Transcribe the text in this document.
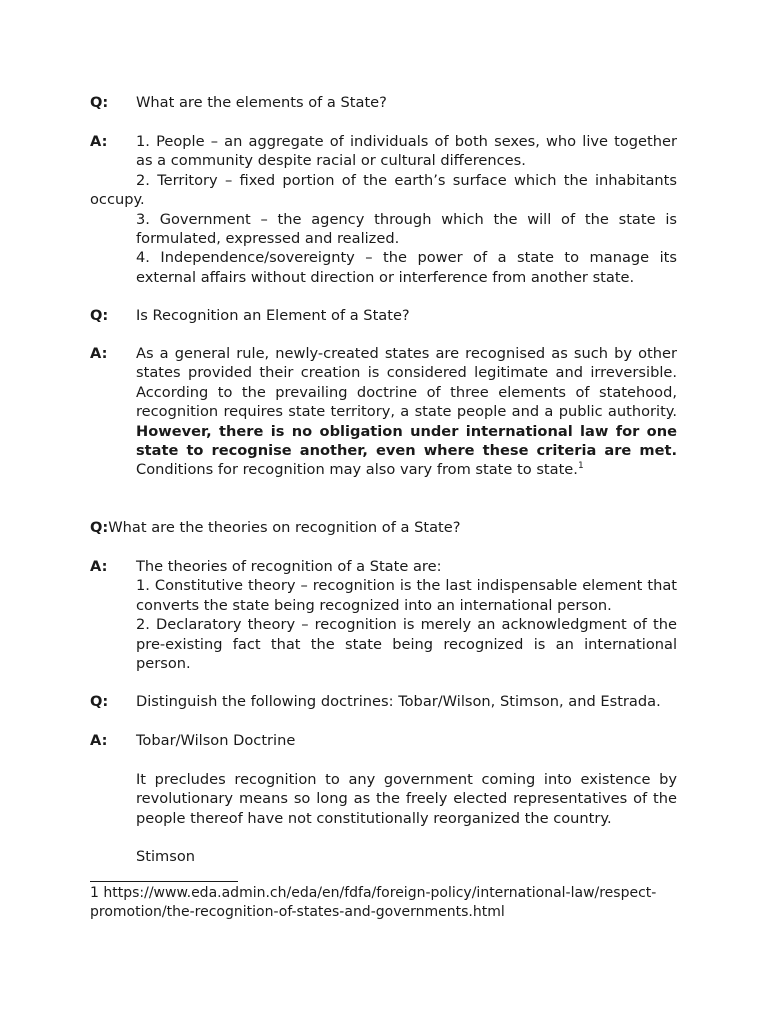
Q: What are the elements of a State?

A: 1. People – an aggregate of individuals of both sexes, who live together as a community despite racial or cultural differences.

2. Territory – fixed portion of the earth’s surface which the inhabitants occupy.

3. Government – the agency through which the will of the state is formulated, expressed and realized.

4. Independence/sovereignty – the power of a state to manage its external affairs without direction or interference from another state.

Q: Is Recognition an Element of a State?

A: As a general rule, newly-created states are recognised as such by other states provided their creation is considered legitimate and irreversible. According to the prevailing doctrine of three elements of statehood, recognition requires state territory, a state people and a public authority. However, there is no obligation under international law for one state to recognise another, even where these criteria are met. Conditions for recognition may also vary from state to state.$^1$

Q: What are the theories on recognition of a State?
A: The theories of recognition of a State are:

1. Constitutive theory – recognition is the last indispensable element that converts the state being recognized into an international person.

2. Declaratory theory – recognition is merely an acknowledgment of the pre-existing fact that the state being recognized is an international person.

Q: Distinguish the following doctrines: Tobar/Wilson, Stimson, and Estrada.

A: Tobar/Wilson Doctrine

It precludes recognition to any government coming into existence by revolutionary means so long as the freely elected representatives of the people thereof have not constitutionally reorganized the country.

Stimson

1 https://www.eda.admin.ch/eda/en/fdfa/foreign-policy/international-law/respect-promotion/the-recognition-of-states-and-governments.html
